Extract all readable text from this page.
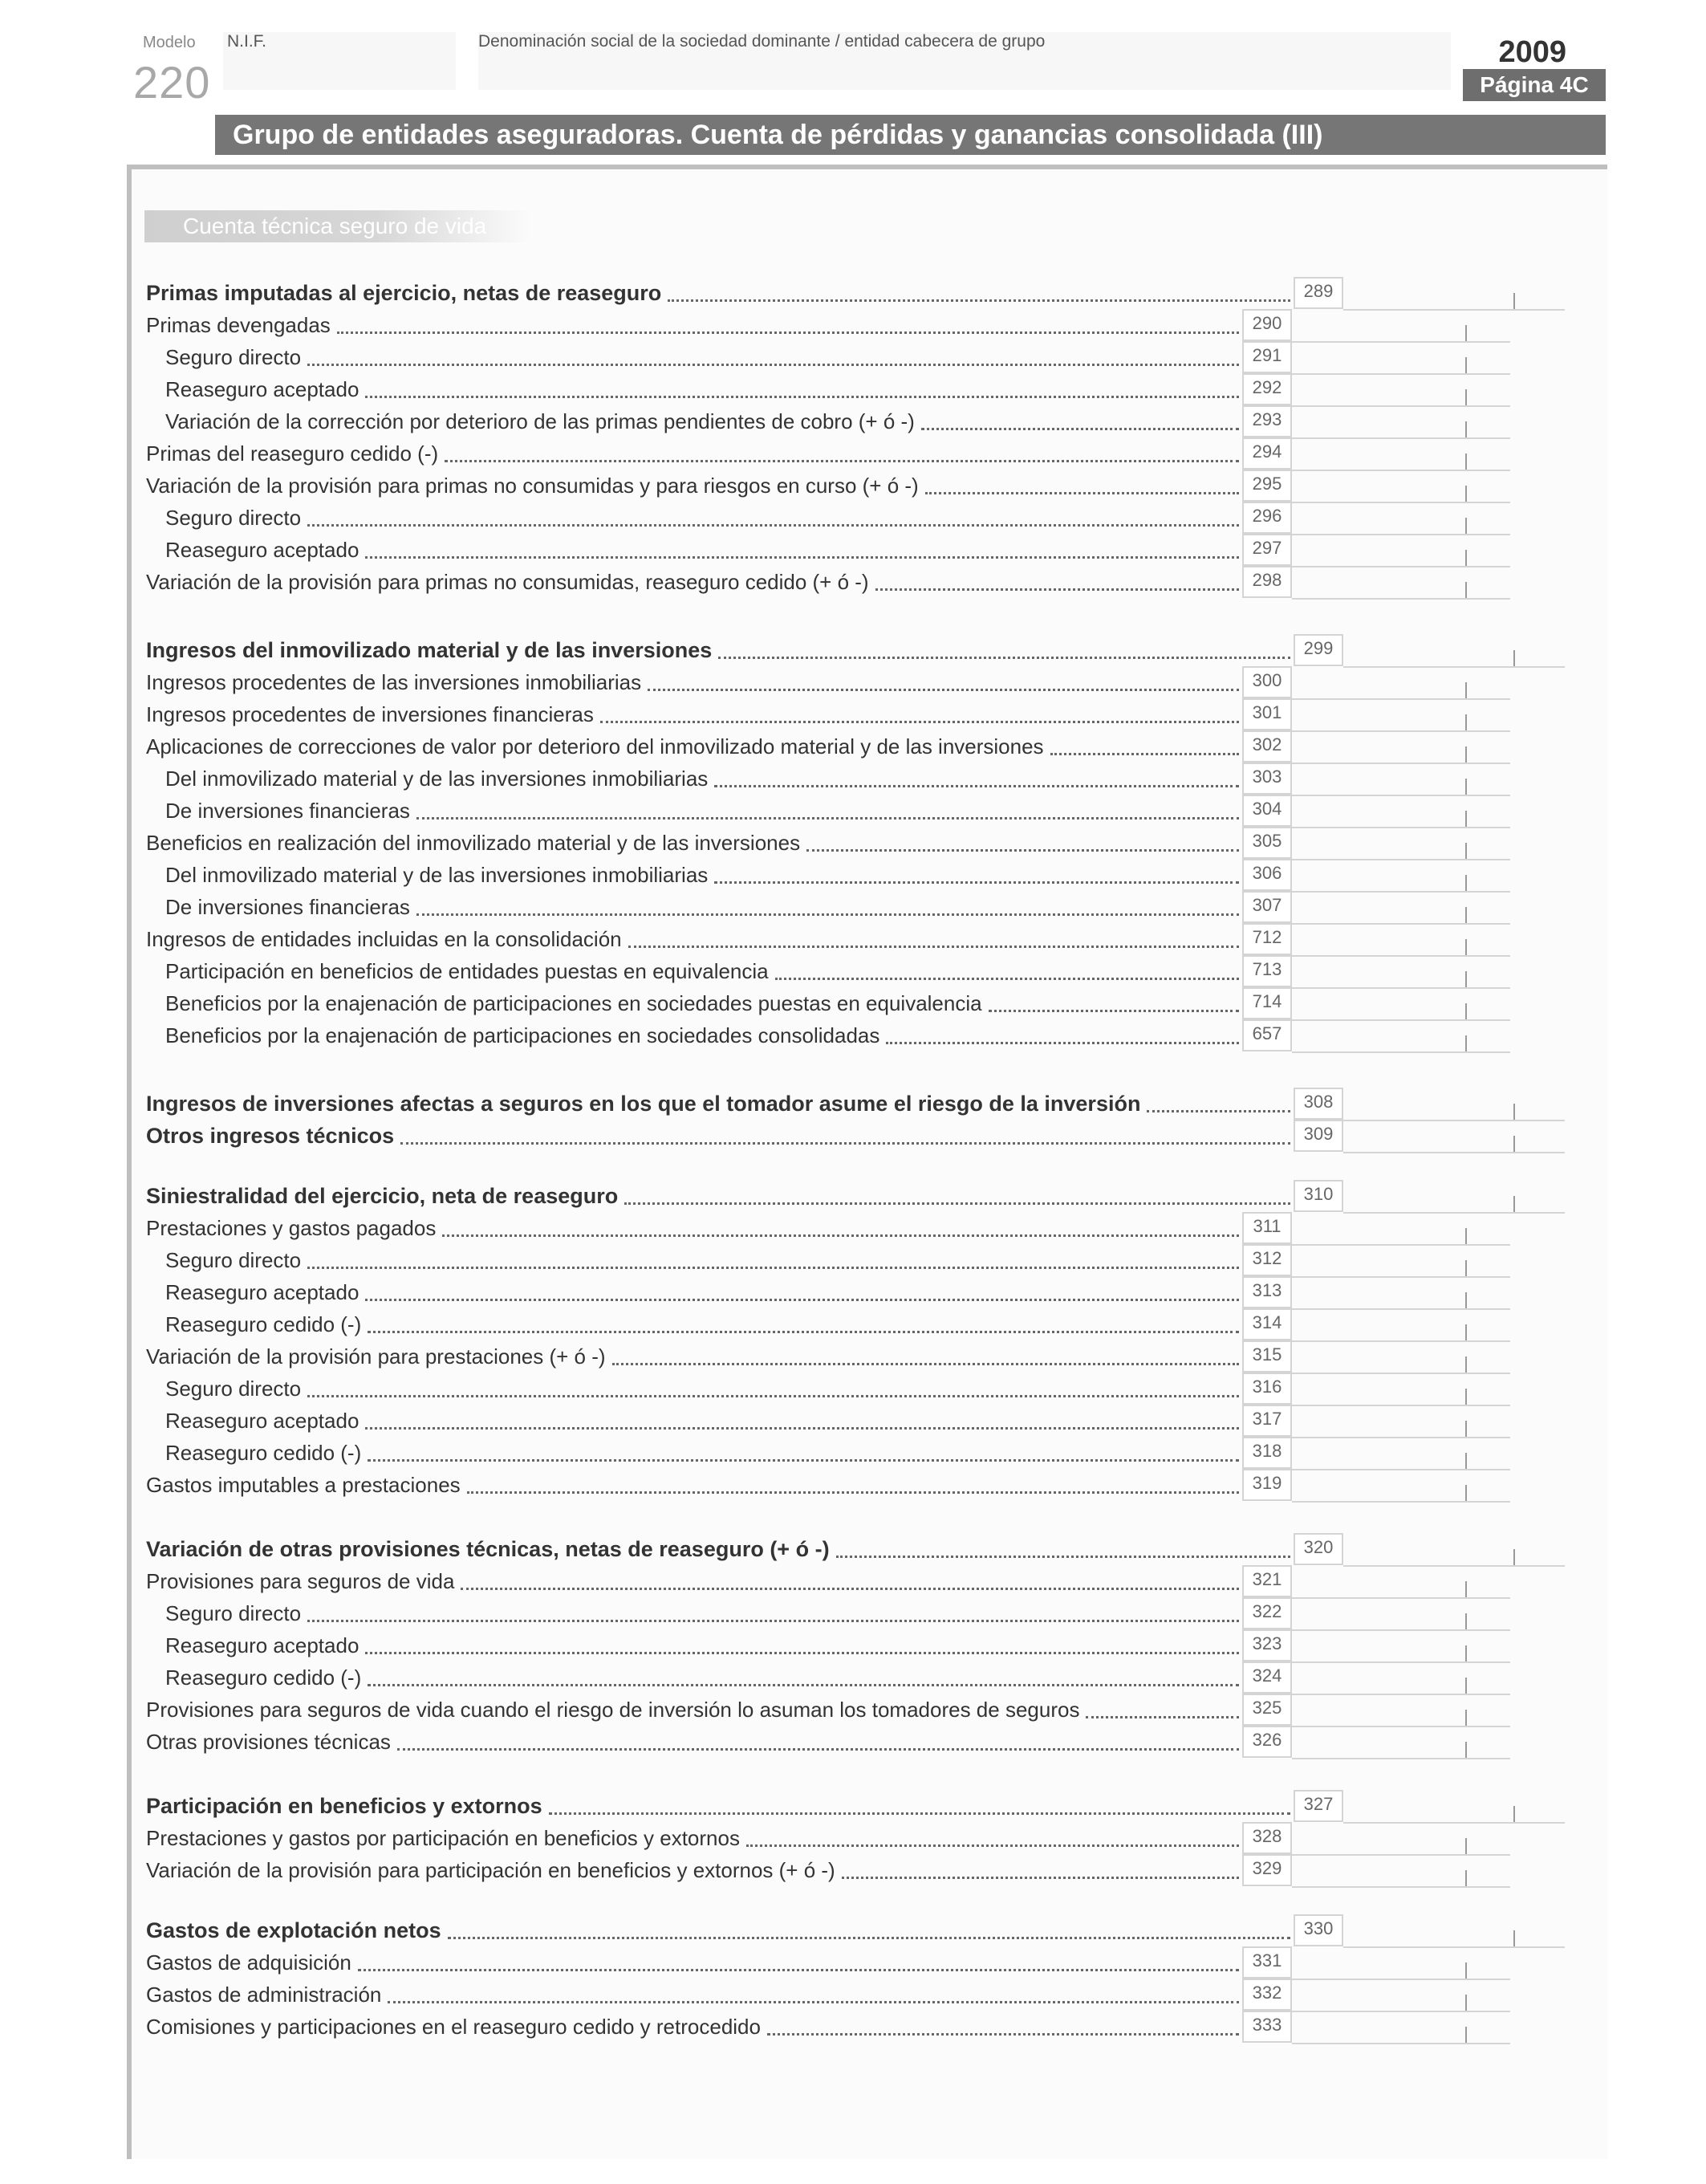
Modelo
220
N.I.F.	Denominación social de la sociedad dominante / entidad cabecera de grupo	2009
Página 4C
Grupo de entidades aseguradoras. Cuenta de pérdidas y ganancias consolidada (III)
Cuenta técnica seguro de vida
Primas imputadas al ejercicio, netas de reaseguro	289
Primas devengadas	290
Seguro directo	291
Reaseguro aceptado	292
Variación de la corrección por deterioro de las primas pendientes de cobro (+ ó -)	293
Primas del reaseguro cedido (-)	294
Variación de la provisión para primas no consumidas y para riesgos en curso (+ ó -)	295
Seguro directo	296
Reaseguro aceptado	297
Variación de la provisión para primas no consumidas, reaseguro cedido (+ ó -)	298
Ingresos del inmovilizado material y de las inversiones	299
Ingresos procedentes de las inversiones inmobiliarias	300
Ingresos procedentes de inversiones financieras	301
Aplicaciones de correcciones de valor por deterioro del inmovilizado material y de las inversiones	302
Del inmovilizado material y de las inversiones inmobiliarias	303
De inversiones financieras	304
Beneficios en realización del inmovilizado material y de las inversiones	305
Del inmovilizado material y de las inversiones inmobiliarias	306
De inversiones financieras	307
Ingresos de entidades incluidas en la consolidación	712
Participación en beneficios de entidades puestas en equivalencia	713
Beneficios por la enajenación de participaciones en sociedades puestas en equivalencia	714
Beneficios por la enajenación de participaciones en sociedades consolidadas	657
Ingresos de inversiones afectas a seguros en los que el tomador asume el riesgo de la inversión	308
Otros ingresos técnicos	309
Siniestralidad del ejercicio, neta de reaseguro	310
Prestaciones y gastos pagados	311
Seguro directo	312
Reaseguro aceptado	313
Reaseguro cedido (-)	314
Variación de la provisión para prestaciones (+ ó -)	315
Seguro directo	316
Reaseguro aceptado	317
Reaseguro cedido (-)	318
Gastos imputables a prestaciones	319
Variación de otras provisiones técnicas, netas de reaseguro (+ ó -)	320
Provisiones para seguros de vida	321
Seguro directo	322
Reaseguro aceptado	323
Reaseguro cedido (-)	324
Provisiones para seguros de vida cuando el riesgo de inversión lo asuman los tomadores de seguros	325
Otras provisiones técnicas	326
Participación en beneficios y extornos	327
Prestaciones y gastos por participación en beneficios y extornos	328
Variación de la provisión para participación en beneficios y extornos (+ ó -)	329
Gastos de explotación netos	330
Gastos de adquisición	331
Gastos de administración	332
Comisiones y participaciones en el reaseguro cedido y retrocedido	333
